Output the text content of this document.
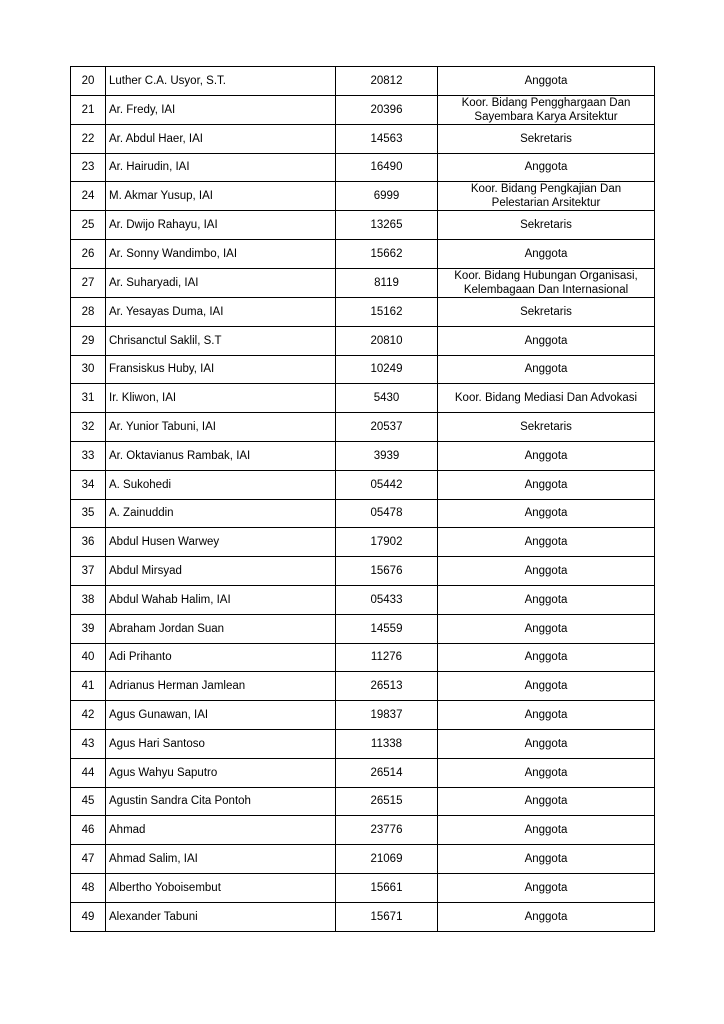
20	Luther C.A. Usyor, S.T.	20812	Anggota
21	Ar. Fredy, IAI	20396	Koor. Bidang Pengghargaan Dan Sayembara Karya Arsitektur
22	Ar. Abdul Haer, IAI	14563	Sekretaris
23	Ar. Hairudin, IAI	16490	Anggota
24	M. Akmar Yusup, IAI	6999	Koor. Bidang Pengkajian Dan Pelestarian Arsitektur
25	Ar. Dwijo Rahayu, IAI	13265	Sekretaris
26	Ar. Sonny Wandimbo, IAI	15662	Anggota
27	Ar. Suharyadi, IAI	8119	Koor. Bidang Hubungan Organisasi, Kelembagaan Dan Internasional
28	Ar. Yesayas Duma, IAI	15162	Sekretaris
29	Chrisanctul Saklil, S.T	20810	Anggota
30	Fransiskus Huby, IAI	10249	Anggota
31	Ir. Kliwon, IAI	5430	Koor. Bidang Mediasi Dan Advokasi
32	Ar. Yunior Tabuni, IAI	20537	Sekretaris
33	Ar. Oktavianus Rambak, IAI	3939	Anggota
34	A. Sukohedi	05442	Anggota
35	A. Zainuddin	05478	Anggota
36	Abdul Husen Warwey	17902	Anggota
37	Abdul Mirsyad	15676	Anggota
38	Abdul Wahab Halim, IAI	05433	Anggota
39	Abraham Jordan Suan	14559	Anggota
40	Adi Prihanto	11276	Anggota
41	Adrianus Herman Jamlean	26513	Anggota
42	Agus Gunawan, IAI	19837	Anggota
43	Agus Hari Santoso	11338	Anggota
44	Agus Wahyu Saputro	26514	Anggota
45	Agustin Sandra Cita Pontoh	26515	Anggota
46	Ahmad	23776	Anggota
47	Ahmad Salim, IAI	21069	Anggota
48	Albertho Yoboisembut	15661	Anggota
49	Alexander Tabuni	15671	Anggota
